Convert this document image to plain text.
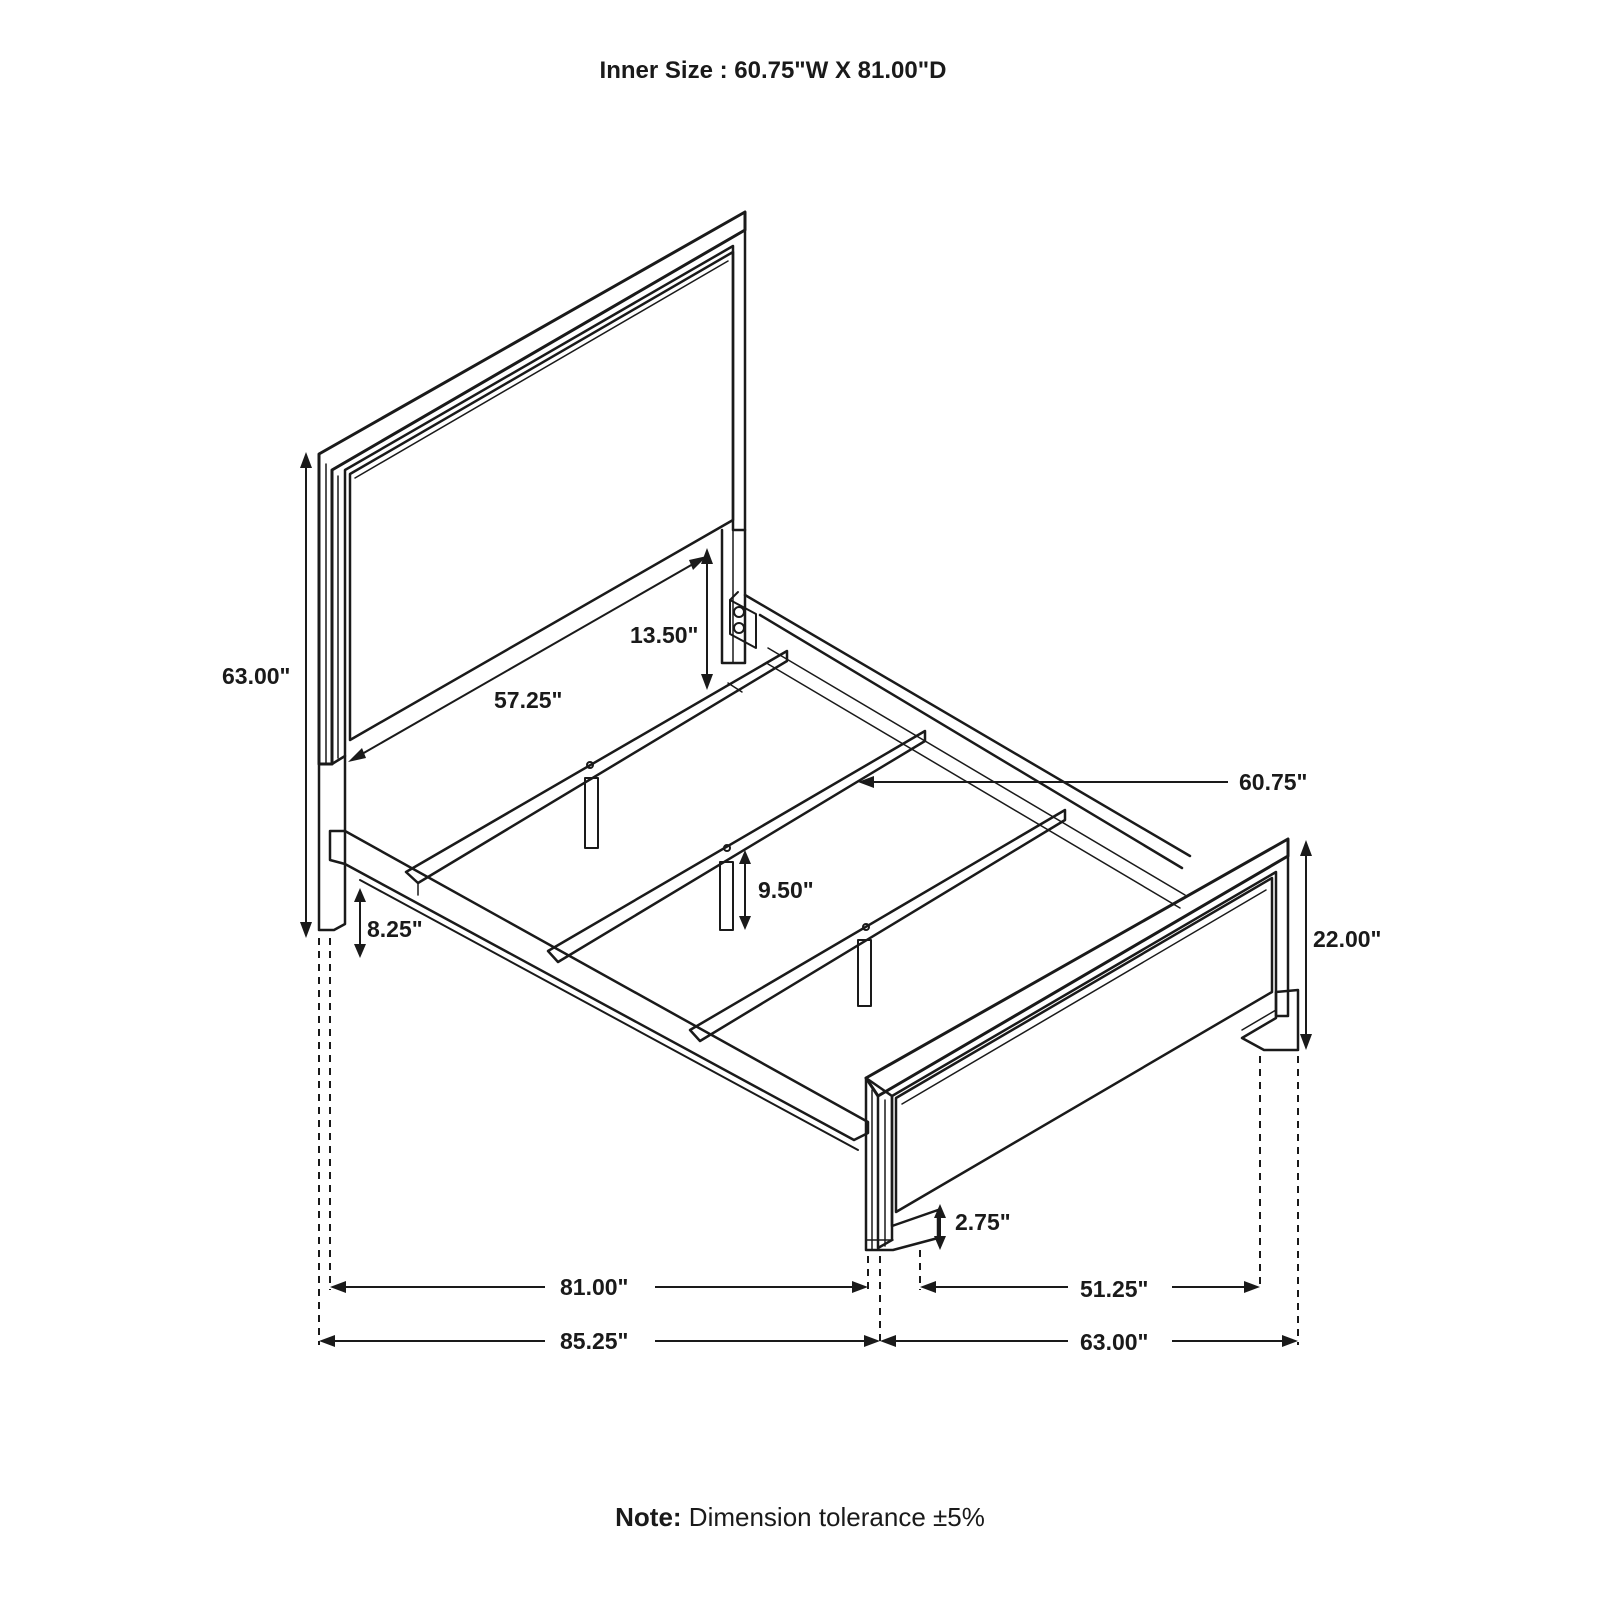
63.00"
57.25"
13.50"
60.75"
9.50"
8.25"	22.00"
2.75"
81.00"
85.25"
51.25"
63.00"
Inner Size : 60.75"W X 81.00"D
Note: Dimension tolerance ±5%
